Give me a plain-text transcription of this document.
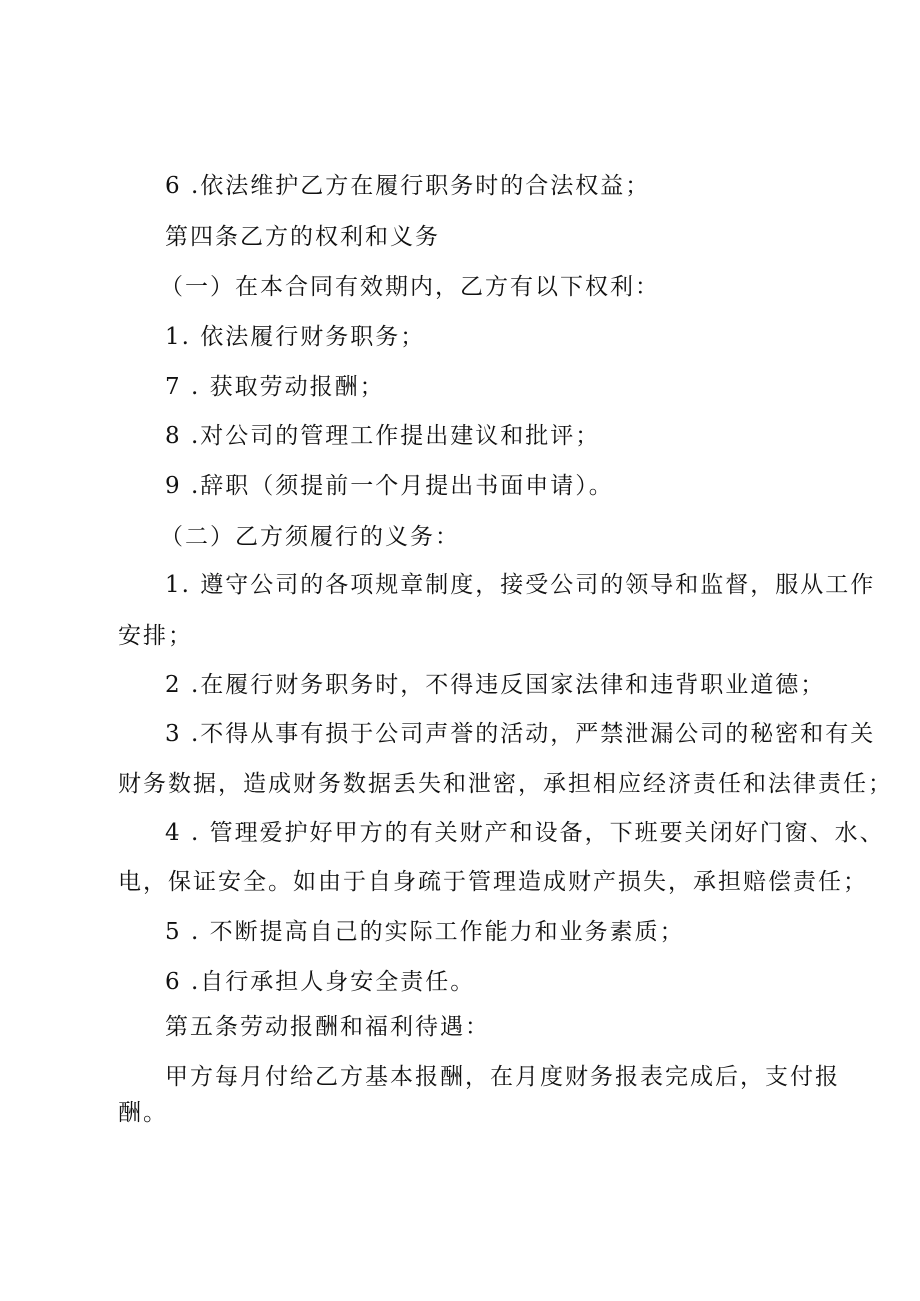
6 .依法维护乙方在履行职务时的合法权益；

第四条乙方的权利和义务

（一）在本合同有效期内，乙方有以下权利：

1. 依法履行财务职务；

7 . 获取劳动报酬；

8 .对公司的管理工作提出建议和批评；

9 .辞职（须提前一个月提出书面申请）。

（二）乙方须履行的义务：

1. 遵守公司的各项规章制度，接受公司的领导和监督，服从工作

安排；

2 .在履行财务职务时，不得违反国家法律和违背职业道德；

3 .不得从事有损于公司声誉的活动，严禁泄漏公司的秘密和有关

财务数据，造成财务数据丢失和泄密，承担相应经济责任和法律责任；

4 . 管理爱护好甲方的有关财产和设备，下班要关闭好门窗、水、

电，保证安全。如由于自身疏于管理造成财产损失，承担赔偿责任；

5 . 不断提高自己的实际工作能力和业务素质；

6 .自行承担人身安全责任。

第五条劳动报酬和福利待遇：

甲方每月付给乙方基本报酬，在月度财务报表完成后，支付报

酬。
